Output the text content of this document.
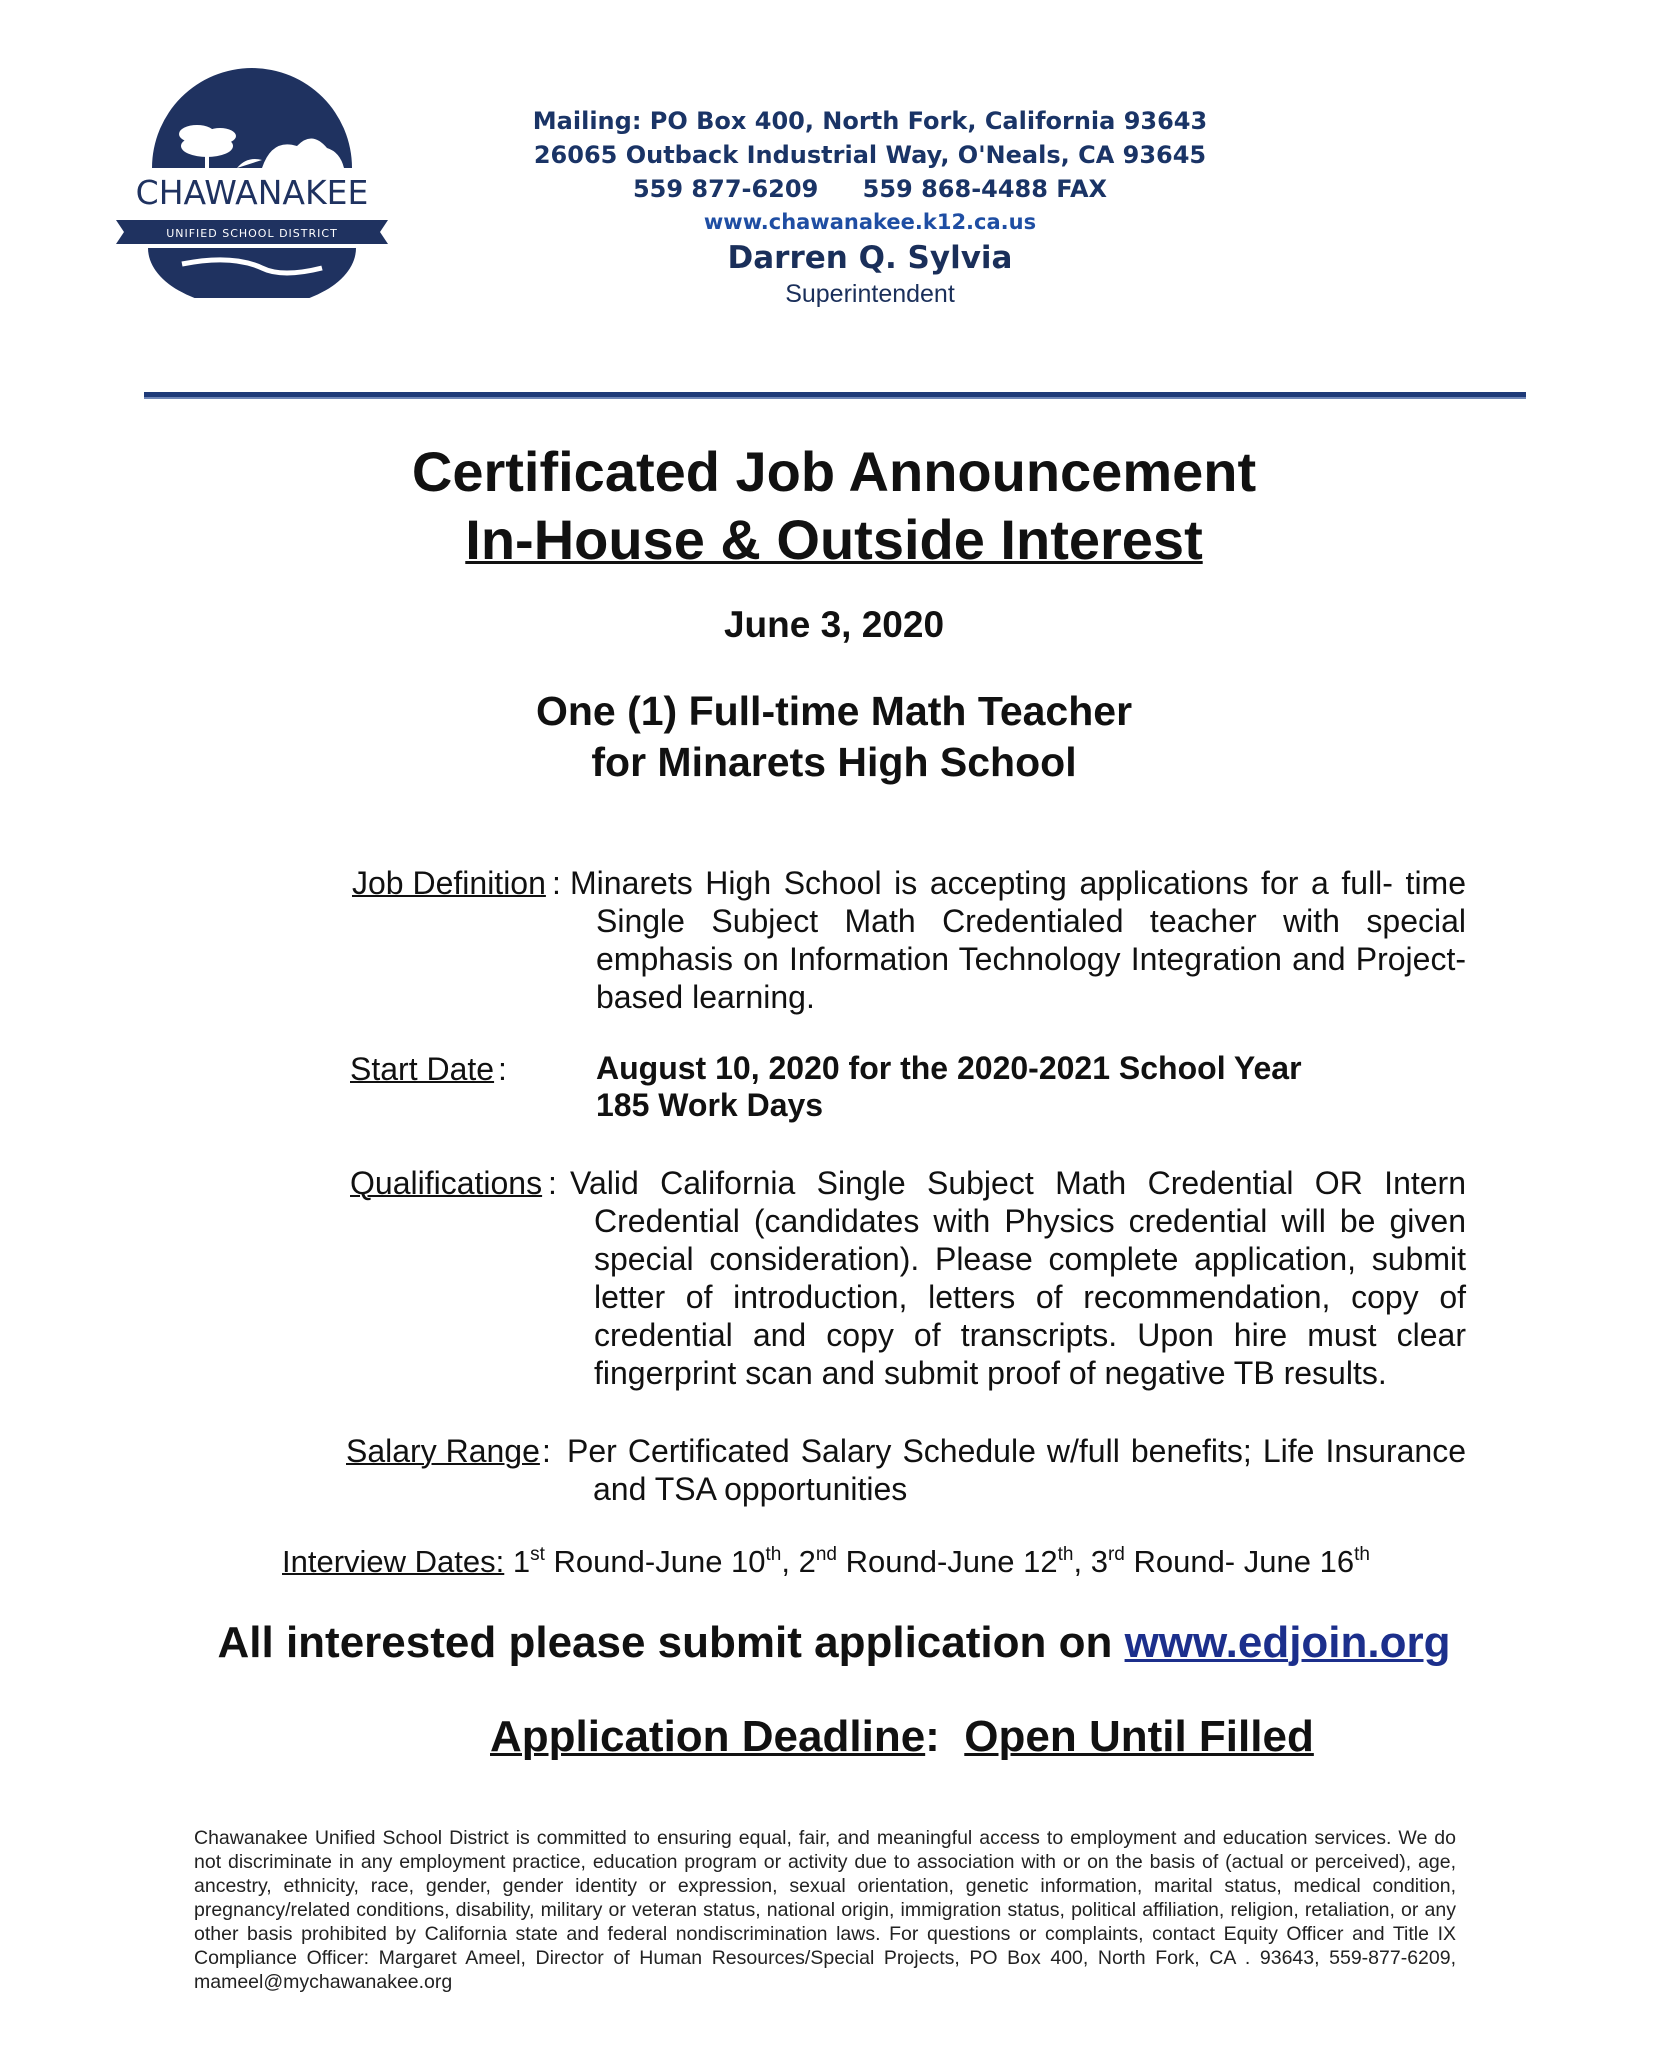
CHAWANAKEE
UNIFIED SCHOOL DISTRICT
Mailing: PO Box 400, North Fork, California 93643
26065 Outback Industrial Way, O'Neals, CA 93645
559 877-6209 559 868-4488 FAX
www.chawanakee.k12.ca.us
Darren Q. Sylvia
Superintendent
Certificated Job Announcement
In-House & Outside Interest
June 3, 2020
One (1) Full-time Math Teacher
for Minarets High School
Job Definition : Minarets High School is accepting applications for a full- time Single Subject Math Credentialed teacher with special emphasis on Information Technology Integration and Project-based learning.
Start Date :	August 10, 2020 for the 2020-2021 School Year
185 Work Days
Qualifications : Valid California Single Subject Math Credential OR Intern Credential (candidates with Physics credential will be given special consideration). Please complete application, submit letter of introduction, letters of recommendation, copy of credential and copy of transcripts. Upon hire must clear fingerprint scan and submit proof of negative TB results.
Salary Range : Per Certificated Salary Schedule w/full benefits; Life Insurance and TSA opportunities
Interview Dates: 1st Round-June 10th, 2nd Round-June 12th, 3rd Round- June 16th
All interested please submit application on www.edjoin.org
Application Deadline:  Open Until Filled
Chawanakee Unified School District is committed to ensuring equal, fair, and meaningful access to employment and education services. We do not discriminate in any employment practice, education program or activity due to association with or on the basis of (actual or perceived), age, ancestry, ethnicity, race, gender, gender identity or expression, sexual orientation, genetic information, marital status, medical condition, pregnancy/related conditions, disability, military or veteran status, national origin, immigration status, political affiliation, religion, retaliation, or any other basis prohibited by California state and federal nondiscrimination laws. For questions or complaints, contact Equity Officer and Title IX Compliance Officer: Margaret Ameel, Director of Human Resources/Special Projects, PO Box 400, North Fork, CA . 93643, 559-877-6209, mameel@mychawanakee.org
